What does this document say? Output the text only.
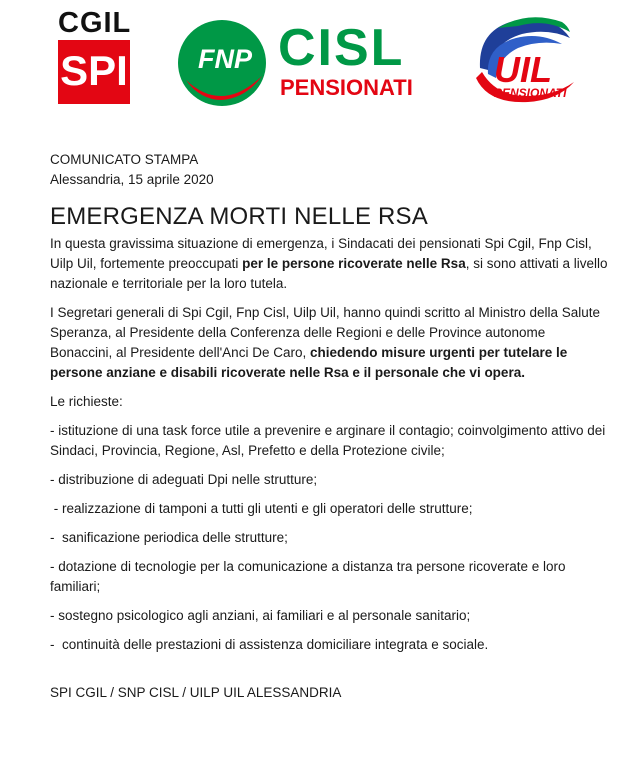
CGIL
SPI	FNP CISL
PENSIONATI UIL
PENSIONATI

COMUNICATO STAMPA

Alessandria, 15 aprile 2020

EMERGENZA MORTI NELLE RSA

In questa gravissima situazione di emergenza, i Sindacati dei pensionati Spi Cgil, Fnp Cisl, Uilp Uil, fortemente preoccupati per le persone ricoverate nelle Rsa, si sono attivati a livello nazionale e territoriale per la loro tutela.

I Segretari generali di Spi Cgil, Fnp Cisl, Uilp Uil, hanno quindi scritto al Ministro della Salute Speranza, al Presidente della Conferenza delle Regioni e delle Province autonome Bonaccini, al Presidente dell'Anci De Caro, chiedendo misure urgenti per tutelare le persone anziane e disabili ricoverate nelle Rsa e il personale che vi opera.

Le richieste:

- istituzione di una task force utile a prevenire e arginare il contagio; coinvolgimento attivo dei Sindaci, Provincia, Regione, Asl, Prefetto e della Protezione civile;

- distribuzione di adeguati Dpi nelle strutture;

- realizzazione di tamponi a tutti gli utenti e gli operatori delle strutture;

-  sanificazione periodica delle strutture;

- dotazione di tecnologie per la comunicazione a distanza tra persone ricoverate e loro familiari;

- sostegno psicologico agli anziani, ai familiari e al personale sanitario;

-  continuità delle prestazioni di assistenza domiciliare integrata e sociale.

SPI CGIL / SNP CISL / UILP UIL ALESSANDRIA
